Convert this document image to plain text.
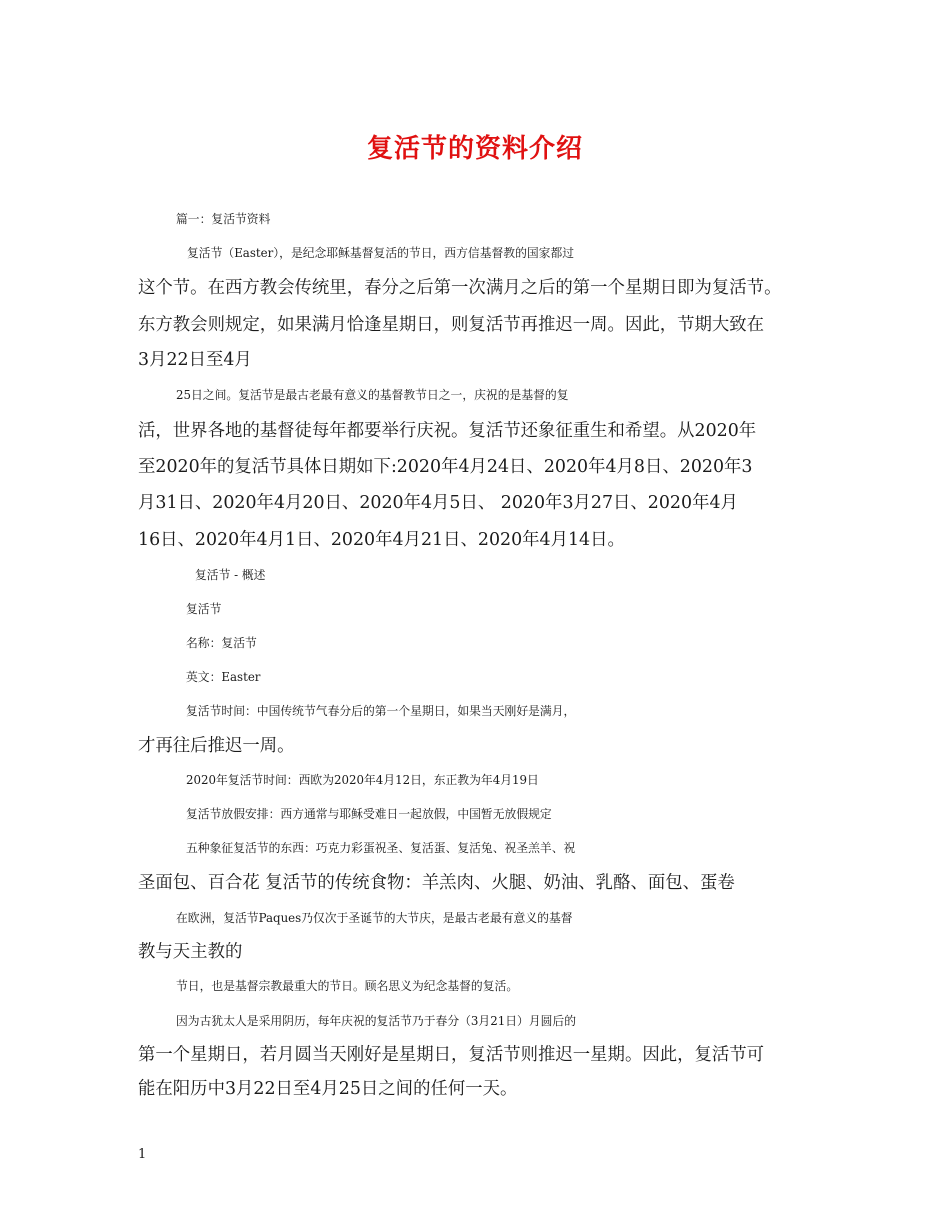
复活节的资料介绍
篇一：复活节资料
复活节（Easter），是纪念耶稣基督复活的节日，西方信基督教的国家都过
这个节。在西方教会传统里，春分之后第一次满月之后的第一个星期日即为复活节。
东方教会则规定，如果满月恰逢星期日，则复活节再推迟一周。因此，节期大致在
3月22日至4月
25日之间。复活节是最古老最有意义的基督教节日之一，庆祝的是基督的复
活，世界各地的基督徒每年都要举行庆祝。复活节还象征重生和希望。从2020年
至2020年的复活节具体日期如下:2020年4月24日、2020年4月8日、2020年3
月31日、2020年4月20日、2020年4月5日、 2020年3月27日、2020年4月
16日、2020年4月1日、2020年4月21日、2020年4月14日。
复活节 - 概述
复活节
名称：复活节
英文：Easter
复活节时间：中国传统节气春分后的第一个星期日，如果当天刚好是满月，
才再往后推迟一周。
2020年复活节时间：西欧为2020年4月12日，东正教为年4月19日
复活节放假安排：西方通常与耶稣受难日一起放假，中国暂无放假规定
五种象征复活节的东西：巧克力彩蛋祝圣、复活蛋、复活兔、祝圣羔羊、祝
圣面包、百合花 复活节的传统食物：羊羔肉、火腿、奶油、乳酪、面包、蛋卷
在欧洲，复活节Paques乃仅次于圣诞节的大节庆，是最古老最有意义的基督
教与天主教的
节日，也是基督宗教最重大的节日。顾名思义为纪念基督的复活。
因为古犹太人是采用阴历，每年庆祝的复活节乃于春分（3月21日）月圆后的
第一个星期日，若月圆当天刚好是星期日，复活节则推迟一星期。因此，复活节可
能在阳历中3月22日至4月25日之间的任何一天。
1
